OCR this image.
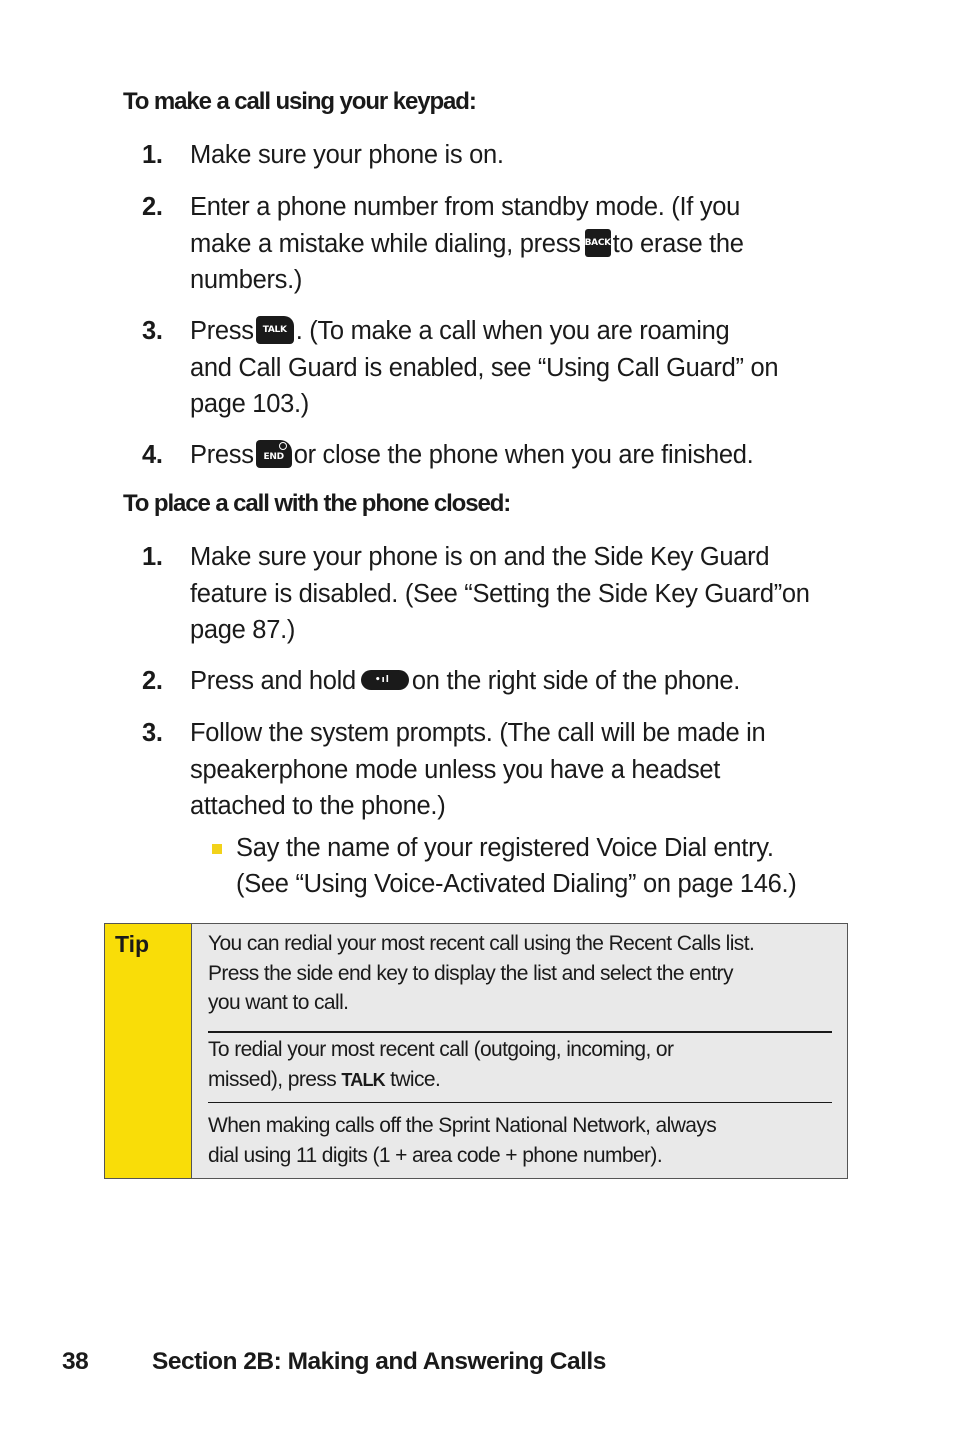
To make a call using your keypad:
1. Make sure your phone is on.
2. Enter a phone number from standby mode. (If you
make a mistake while dialing, press BACKto erase the
numbers.)
3. Press TALK . (To make a call when you are roaming
and Call Guard is enabled, see “Using Call Guard” on
page 103.)
4. Press END or close the phone when you are finished.
To place a call with the phone closed:
1. Make sure your phone is on and the Side Key Guard
feature is disabled. (See “Setting the Side Key Guard”on
page 87.)
2. Press and hold •ıl on the right side of the phone.
3. Follow the system prompts. (The call will be made in
speakerphone mode unless you have a headset
attached to the phone.)
Say the name of your registered Voice Dial entry.
(See “Using Voice-Activated Dialing” on page 146.)
Tip	You can redial your most recent call using the Recent Calls list.
Press the side end key to display the list and select the entry
you want to call.
To redial your most recent call (outgoing, incoming, or
missed), press TALK twice.
When making calls off the Sprint National Network, always
dial using 11 digits (1 + area code + phone number).
38	Section 2B: Making and Answering Calls
